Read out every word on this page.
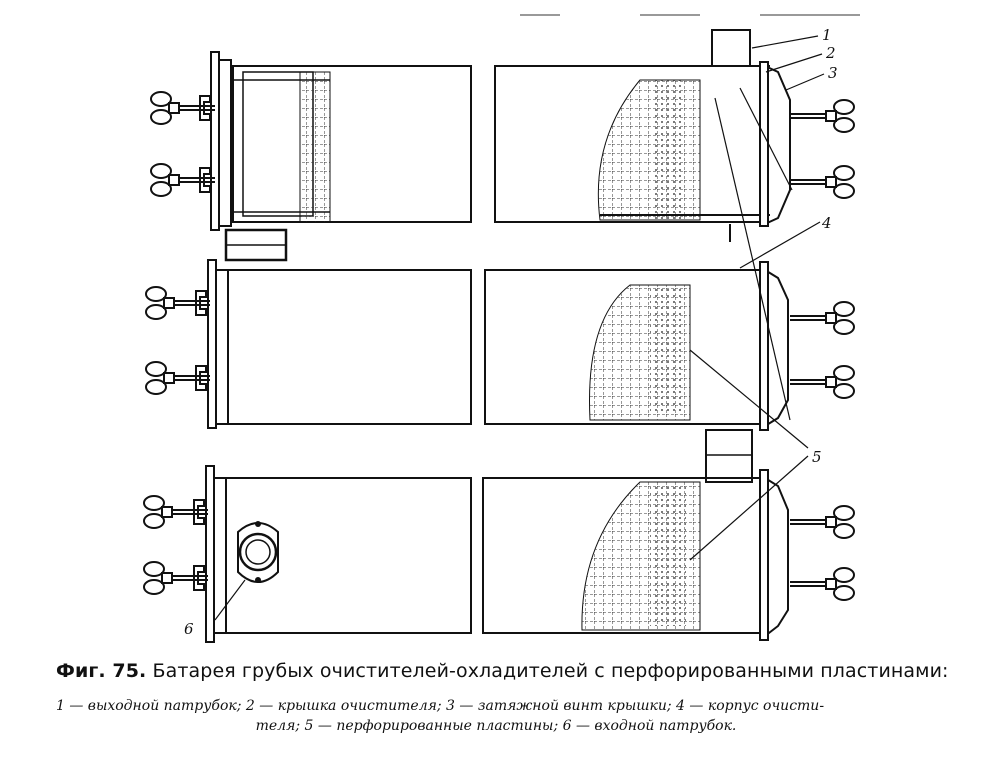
1
2
3
4
5
6
Фиг. 75. Батарея грубых очистителей-охладителей с перфорированными пластинами:
1 — выходной патрубок; 2 — крышка очистителя; 3 — затяжной винт крышки; 4 — корпус очисти-
теля; 5 — перфорированные пластины; 6 — входной патрубок.
